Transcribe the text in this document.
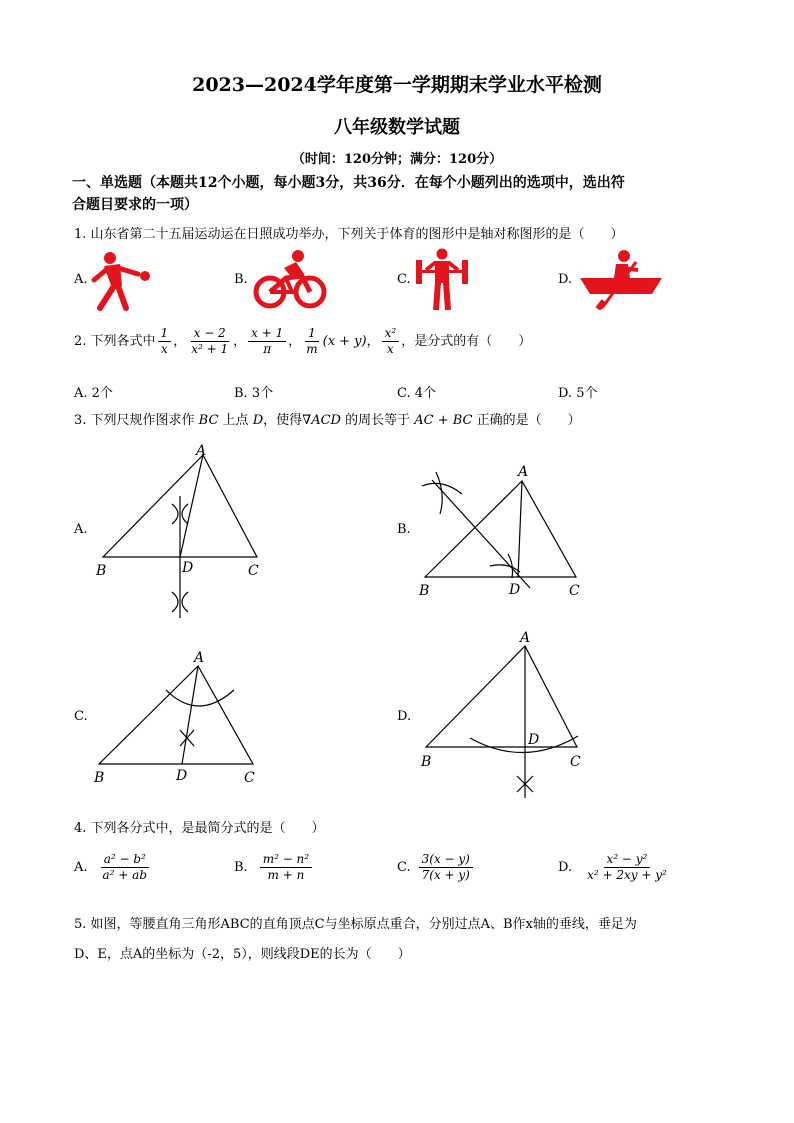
2023—2024学年度第一学期期末学业水平检测
八年级数学试题
（时间：120分钟；满分：120分）
一、单选题（本题共12个小题，每小题3分，共36分．在每个小题列出的选项中，选出符
合题目要求的一项）
1. 山东省第二十五届运动运在日照成功举办，下列关于体育的图形中是轴对称图形的是（　　）
A.	B.	C.	D.
2. 下列各式中 $\frac{1}{x}$ ， $\frac{x - 2}{\text{x² + 1}}$ ， $\frac{x + 1}{\pi}$ ， $\frac{1}{m} (x + y)$ ， $\frac{\text{x²}}{x}$ ，是分式的有（　　）
A. 2个	B. 3个	C. 4个	D. 5个
3. 下列尺规作图求作 BC 上点 D，使得∇ACD 的周长等于 AC + BC 正确的是（　　）
A.	B.
C.	D.
A
B	D	C
A
B	D	C
A
B	D	C
A
B
D
C
4. 下列各分式中，是最简分式的是（　　）
A. $\frac{\text{a² − b²}}{\text{a² + ab}}$	B. $\frac{\text{m² − n²}}{m + n}$	C. $\frac{3(x - y)}{7(x + y)}$	D. $\frac{\text{x² − y²}}{\text{x² + 2xy + y²}}$
5. 如图，等腰直角三角形ABC的直角顶点C与坐标原点重合，分别过点A、B作x轴的垂线，垂足为
D、E，点A的坐标为（-2，5），则线段DE的长为（　　）
